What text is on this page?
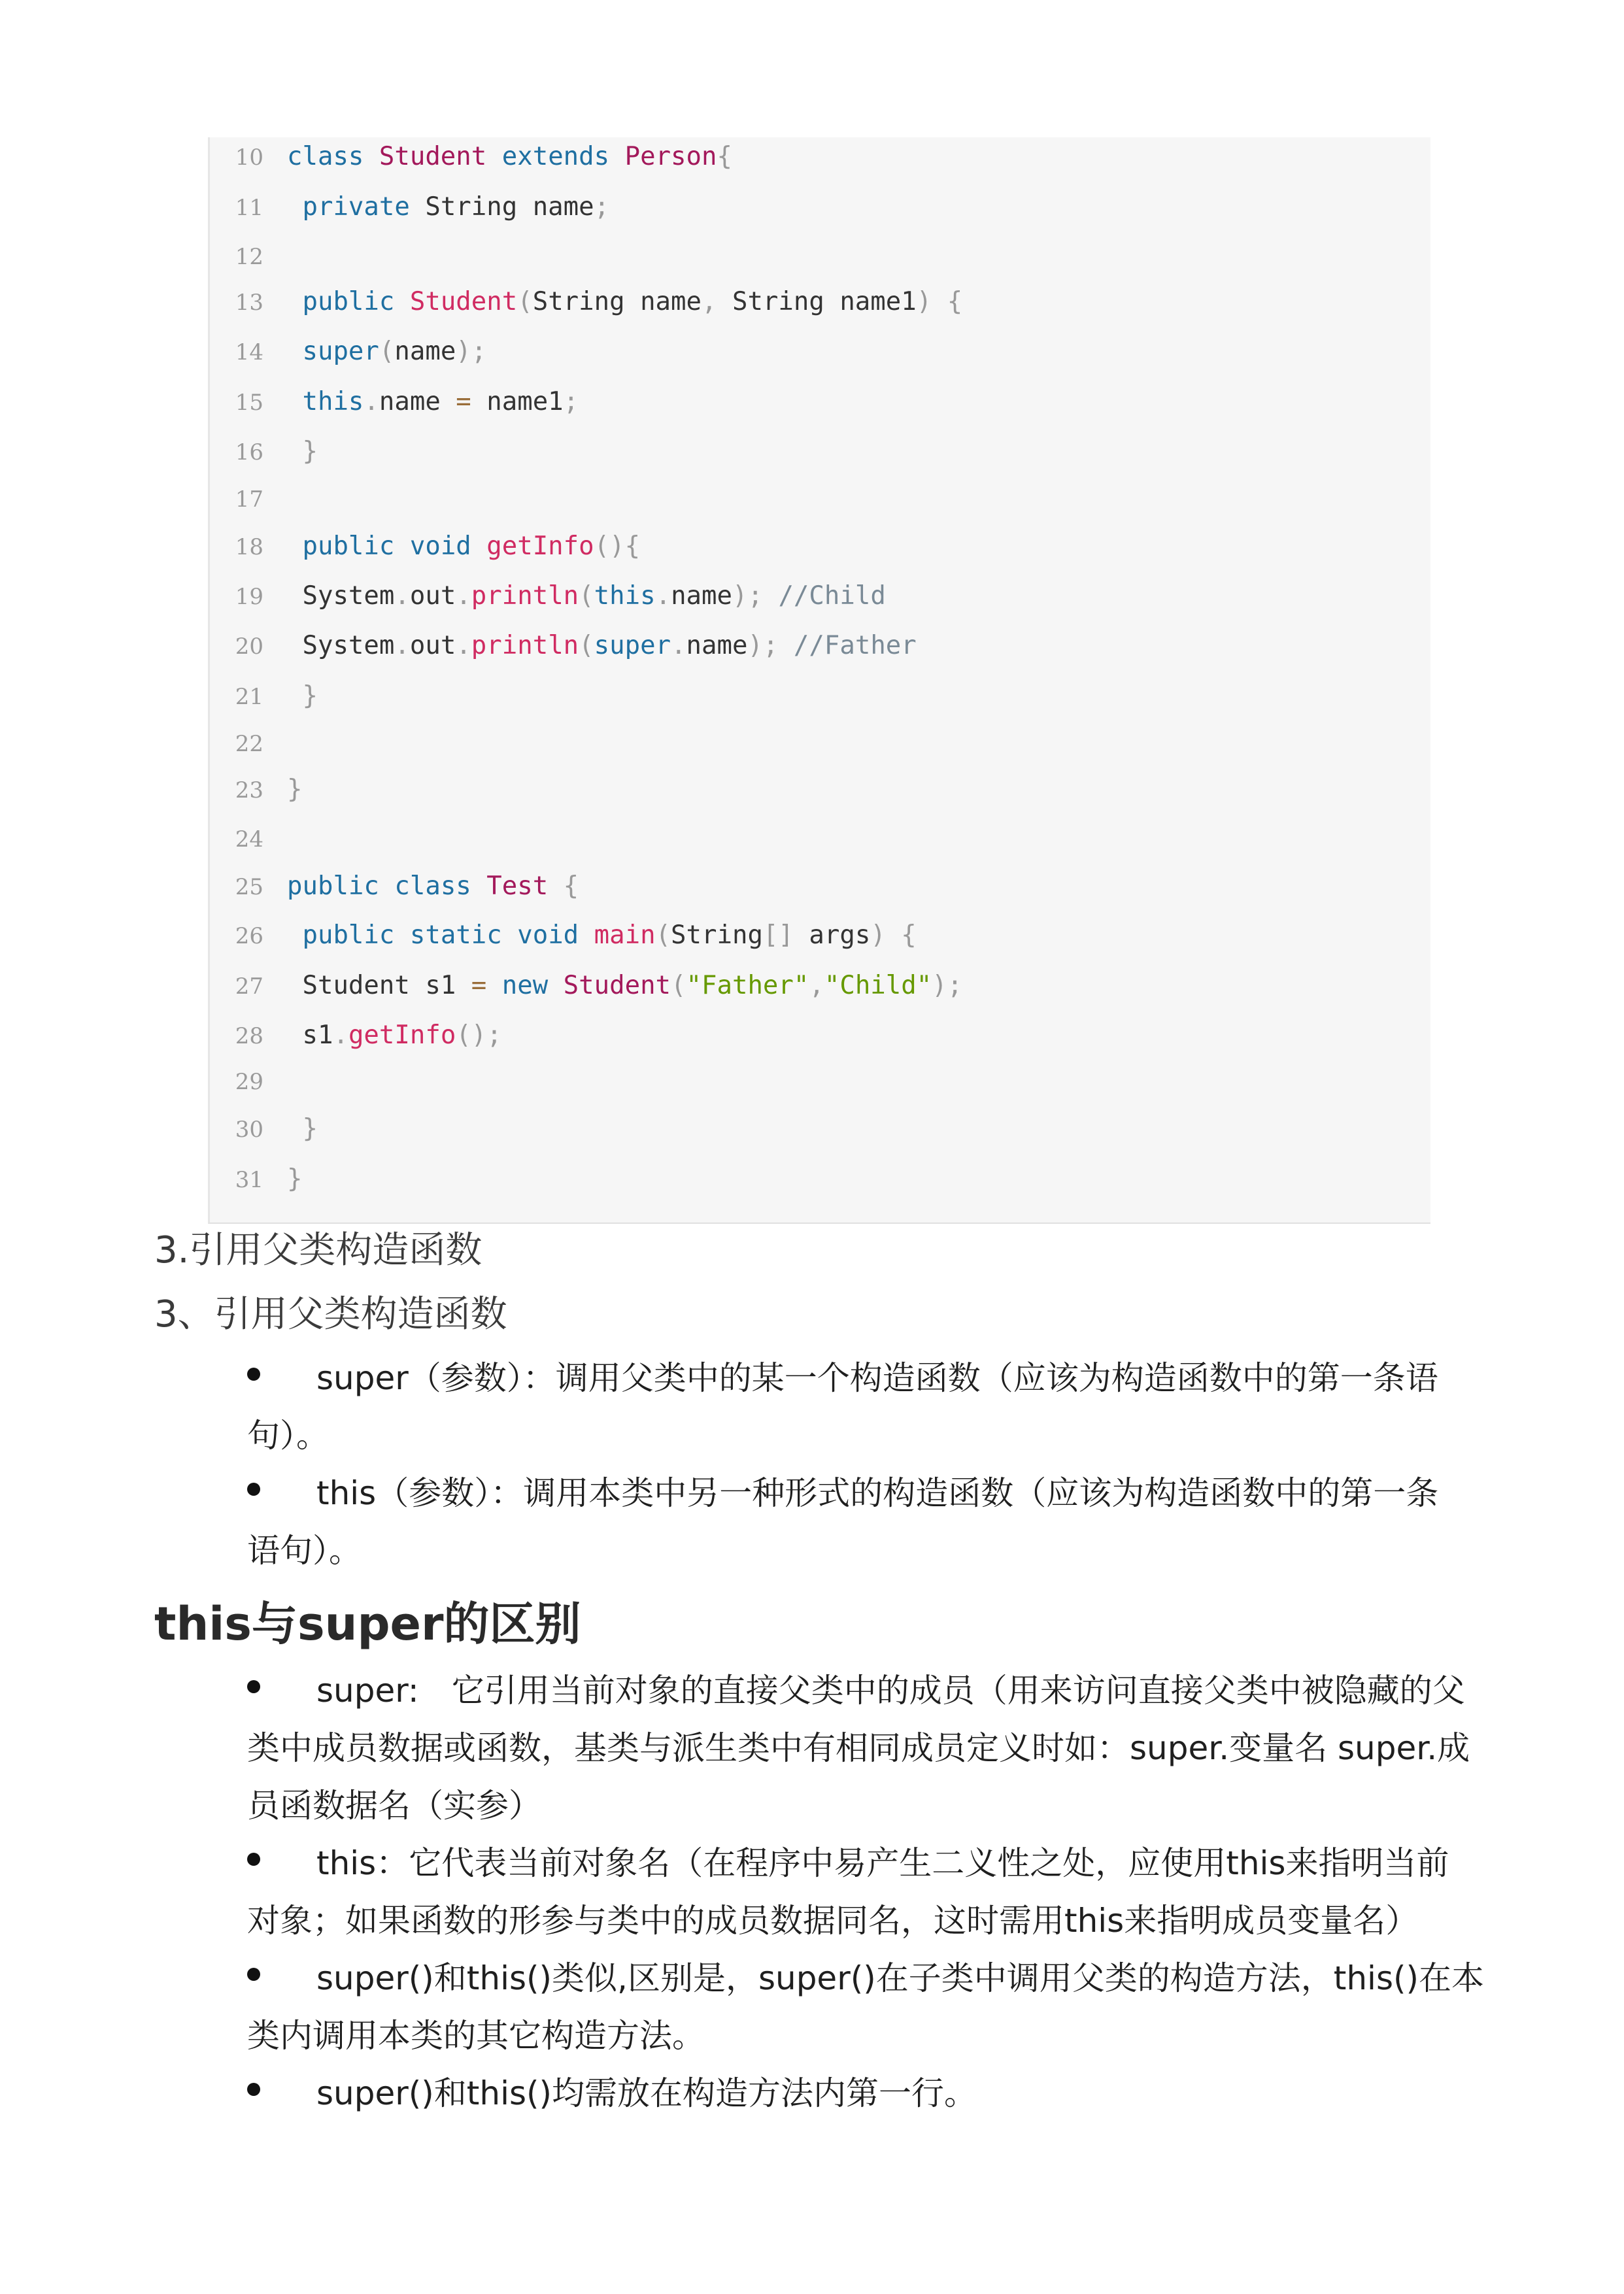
10 class Student extends Person{
11 private String name;
12
13 public Student(String name, String name1) {
14 super(name);
15 this.name = name1;
16 }
17
18 public void getInfo(){
19 System.out.println(this.name); //Child
20 System.out.println(super.name); //Father
21 }
22
23 }
24
25 public class Test {
26 public static void main(String[] args) {
27 Student s1 = new Student("Father","Child");
28 s1.getInfo();
29
30 }
31 }
3.引用父类构造函数
3、引用父类构造函数
super（参数）：调用父类中的某一个构造函数（应该为构造函数中的第一条语
句）。
this（参数）：调用本类中另一种形式的构造函数（应该为构造函数中的第一条
语句）。
this与super的区别
super:　它引用当前对象的直接父类中的成员（用来访问直接父类中被隐藏的父
类中成员数据或函数，基类与派生类中有相同成员定义时如：super.变量名 super.成
员函数据名（实参）
this：它代表当前对象名（在程序中易产生二义性之处，应使用this来指明当前
对象；如果函数的形参与类中的成员数据同名，这时需用this来指明成员变量名）
super()和this()类似,区别是，super()在子类中调用父类的构造方法，this()在本
类内调用本类的其它构造方法。
super()和this()均需放在构造方法内第一行。
